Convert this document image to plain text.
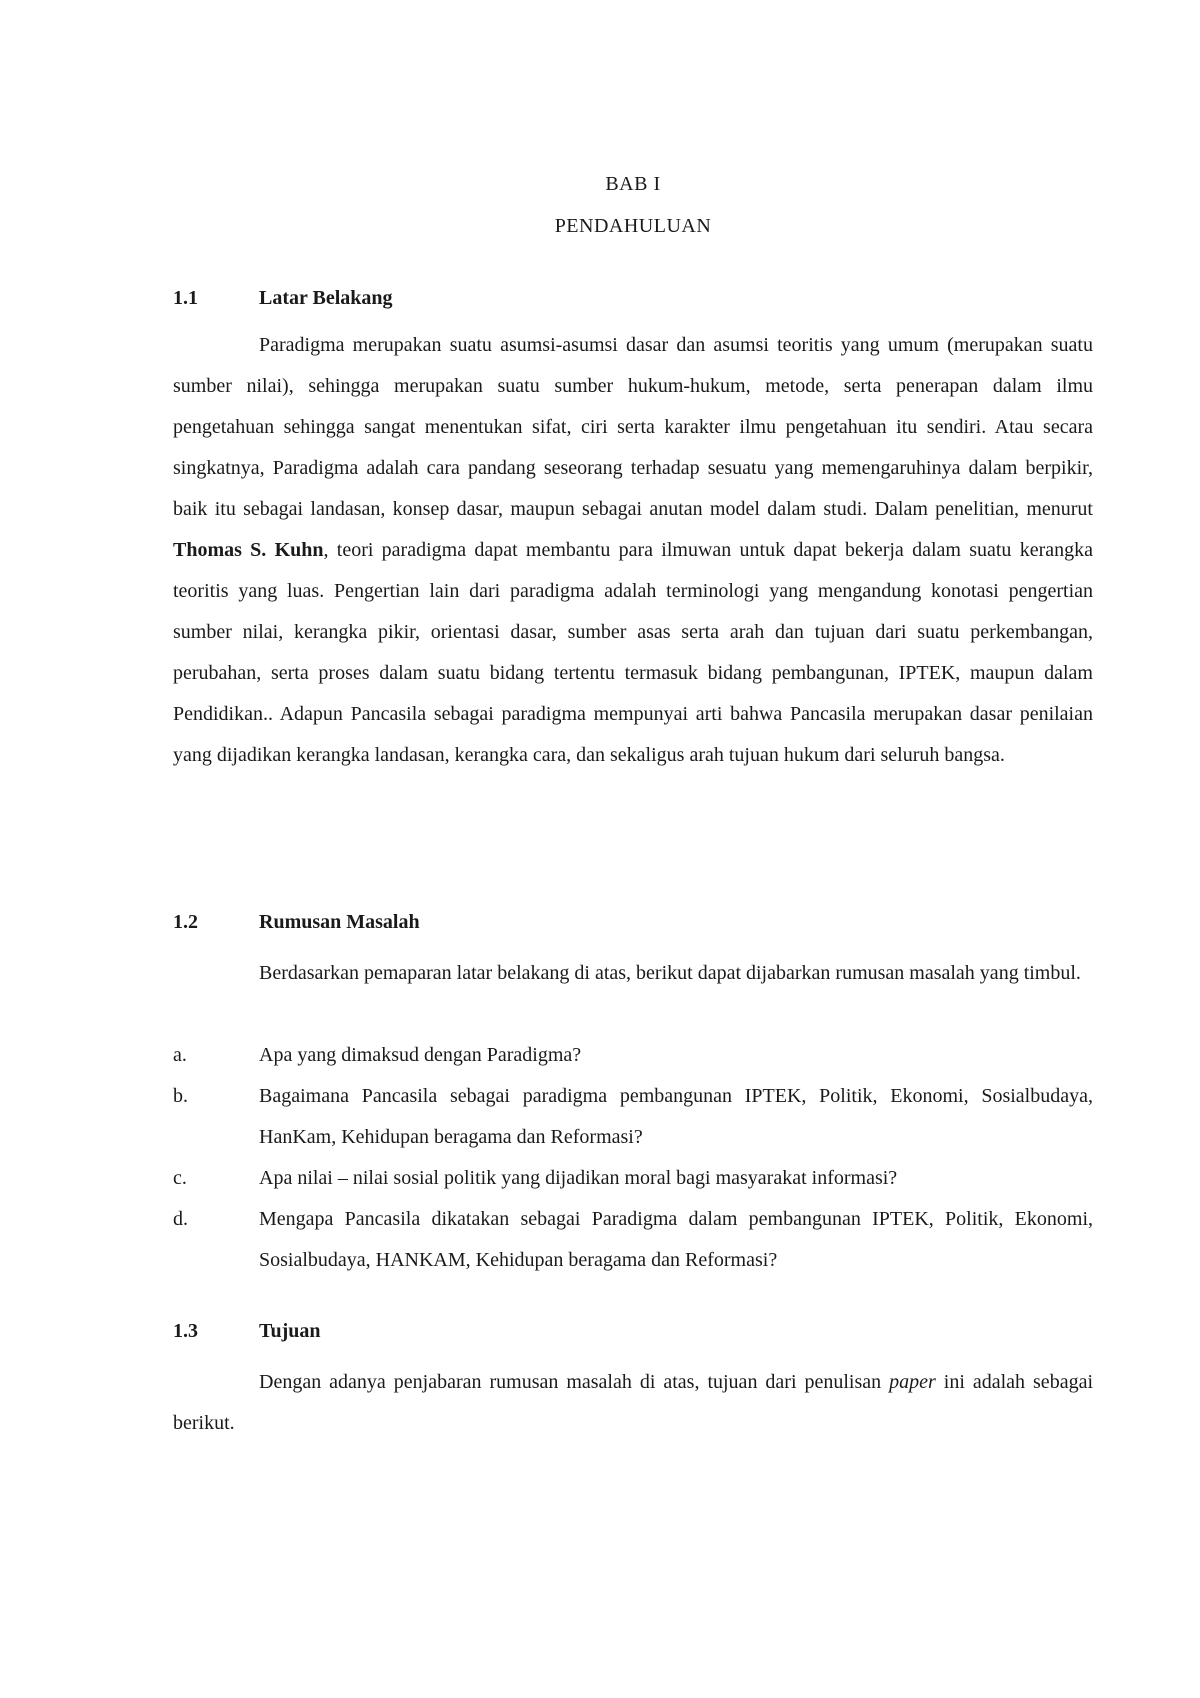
BAB I
PENDAHULUAN
1.1	Latar Belakang

Paradigma merupakan suatu asumsi-asumsi dasar dan asumsi teoritis yang umum (merupakan suatu sumber nilai), sehingga merupakan suatu sumber hukum-hukum, metode, serta penerapan dalam ilmu pengetahuan sehingga sangat menentukan sifat, ciri serta karakter ilmu pengetahuan itu sendiri. Atau secara singkatnya, Paradigma adalah cara pandang seseorang terhadap sesuatu yang memengaruhinya dalam berpikir, baik itu sebagai landasan, konsep dasar, maupun sebagai anutan model dalam studi. Dalam penelitian, menurut Thomas S. Kuhn, teori paradigma dapat membantu para ilmuwan untuk dapat bekerja dalam suatu kerangka teoritis yang luas. Pengertian lain dari paradigma adalah terminologi yang mengandung konotasi pengertian sumber nilai, kerangka pikir, orientasi dasar, sumber asas serta arah dan tujuan dari suatu perkembangan, perubahan, serta proses dalam suatu bidang tertentu termasuk bidang pembangunan, IPTEK, maupun dalam Pendidikan.. Adapun Pancasila sebagai paradigma mempunyai arti bahwa Pancasila merupakan dasar penilaian yang dijadikan kerangka landasan, kerangka cara, dan sekaligus arah tujuan hukum dari seluruh bangsa.

1.2	Rumusan Masalah

Berdasarkan pemaparan latar belakang di atas, berikut dapat dijabarkan rumusan masalah yang timbul.

a.	Apa yang dimaksud dengan Paradigma?
b.	Bagaimana Pancasila sebagai paradigma pembangunan IPTEK, Politik, Ekonomi, Sosialbudaya, HanKam, Kehidupan beragama dan Reformasi?
c.	Apa nilai – nilai sosial politik yang dijadikan moral bagi masyarakat informasi?
d.	Mengapa Pancasila dikatakan sebagai Paradigma dalam pembangunan IPTEK, Politik, Ekonomi, Sosialbudaya, HANKAM, Kehidupan beragama dan Reformasi?
1.3	Tujuan

Dengan adanya penjabaran rumusan masalah di atas, tujuan dari penulisan paper ini adalah sebagai berikut.
